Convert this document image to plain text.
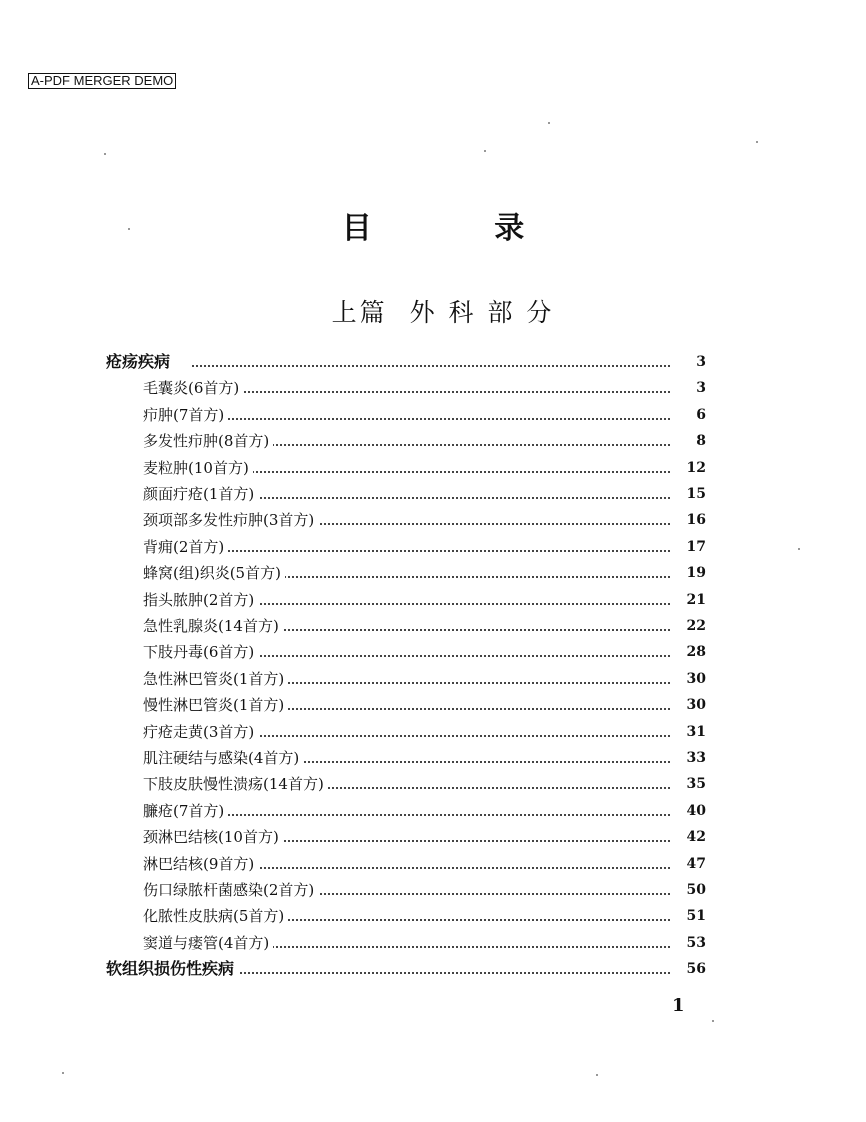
A-PDF MERGER DEMO
目 录
上篇 外 科 部 分
疮疡疾病	3
毛囊炎(6首方)	3
疖肿(7首方)	6
多发性疖肿(8首方)	8
麦粒肿(10首方)	12
颜面疔疮(1首方)	15
颈项部多发性疖肿(3首方)	16
背痈(2首方)	17
蜂窝(组)织炎(5首方)	19
指头脓肿(2首方)	21
急性乳腺炎(14首方)	22
下肢丹毒(6首方)	28
急性淋巴管炎(1首方)	30
慢性淋巴管炎(1首方)	30
疔疮走黄(3首方)	31
肌注硬结与感染(4首方)	33
下肢皮肤慢性溃疡(14首方)	35
臁疮(7首方)	40
颈淋巴结核(10首方)	42
淋巴结核(9首方)	47
伤口绿脓杆菌感染(2首方)	50
化脓性皮肤病(5首方)	51
窦道与瘘管(4首方)	53
软组织损伤性疾病	56
1
